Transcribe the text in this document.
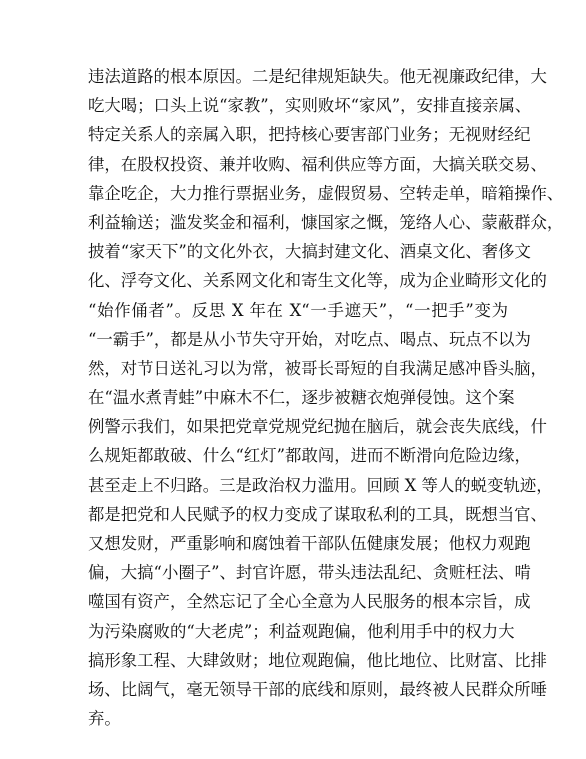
违法道路的根本原因。二是纪律规矩缺失。他无视廉政纪律，大
吃大喝；口头上说“家教”，实则败坏“家风”，安排直接亲属、
特定关系人的亲属入职，把持核心要害部门业务；无视财经纪
律，在股权投资、兼并收购、福利供应等方面，大搞关联交易、
靠企吃企，大力推行票据业务，虚假贸易、空转走单，暗箱操作、
利益输送；滥发奖金和福利，慷国家之慨，笼络人心、蒙蔽群众，
披着“家天下”的文化外衣，大搞封建文化、酒桌文化、奢侈文
化、浮夸文化、关系网文化和寄生文化等，成为企业畸形文化的
“始作俑者”。反思 X 年在 X“一手遮天”，“一把手”变为
“一霸手”，都是从小节失守开始，对吃点、喝点、玩点不以为
然，对节日送礼习以为常，被哥长哥短的自我满足感冲昏头脑，
在“温水煮青蛙”中麻木不仁，逐步被糖衣炮弹侵蚀。这个案
例警示我们，如果把党章党规党纪抛在脑后，就会丧失底线，什
么规矩都敢破、什么“红灯”都敢闯，进而不断滑向危险边缘，
甚至走上不归路。三是政治权力滥用。回顾 X 等人的蜕变轨迹，
都是把党和人民赋予的权力变成了谋取私利的工具，既想当官、
又想发财，严重影响和腐蚀着干部队伍健康发展；他权力观跑
偏，大搞“小圈子”、封官许愿，带头违法乱纪、贪赃枉法、啃
噬国有资产，全然忘记了全心全意为人民服务的根本宗旨，成
为污染腐败的“大老虎”；利益观跑偏，他利用手中的权力大
搞形象工程、大肆敛财；地位观跑偏，他比地位、比财富、比排
场、比阔气，毫无领导干部的底线和原则，最终被人民群众所唾
弃。
